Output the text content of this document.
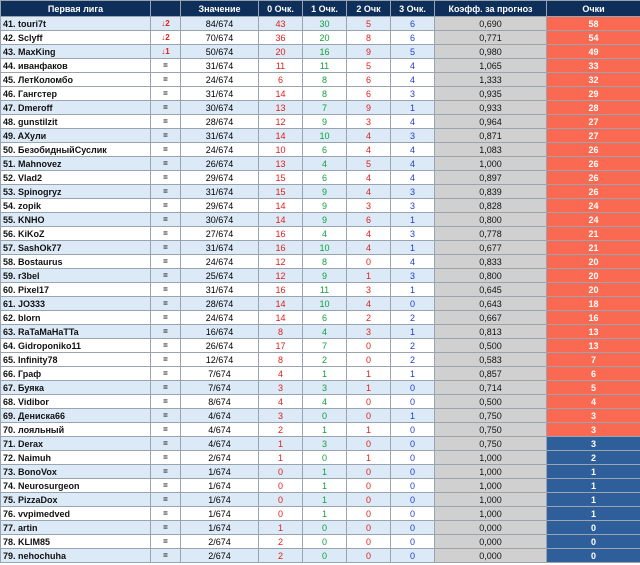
Первая лига		Значение	0 Очк.	1 Очк.	2 Очк	3 Очк.	Коэфф. за прогноз	Очки
41. touri7t	↓2	84/674	43	30	5	6	0,690	58
42. Sclyff	↓2	70/674	36	20	8	6	0,771	54
43. MaxKing	↓1	50/674	20	16	9	5	0,980	49
44. иванфаков	=	31/674	11	11	5	4	1,065	33
45. ЛетКоломбо	=	24/674	6	8	6	4	1,333	32
46. Гангстер	=	31/674	14	8	6	3	0,935	29
47. Dmeroff	=	30/674	13	7	9	1	0,933	28
48. gunstilzit	=	28/674	12	9	3	4	0,964	27
49. AХули	=	31/674	14	10	4	3	0,871	27
50. БезобидныйСуслик	=	24/674	10	6	4	4	1,083	26
51. Mahnovez	=	26/674	13	4	5	4	1,000	26
52. Vlad2	=	29/674	15	6	4	4	0,897	26
53. Spinogryz	=	31/674	15	9	4	3	0,839	26
54. zopik	=	29/674	14	9	3	3	0,828	24
55. KNHO	=	30/674	14	9	6	1	0,800	24
56. KiKoZ	=	27/674	16	4	4	3	0,778	21
57. SashOk77	=	31/674	16	10	4	1	0,677	21
58. Bostaurus	=	24/674	12	8	0	4	0,833	20
59. r3bel	=	25/674	12	9	1	3	0,800	20
60. Pixel17	=	31/674	16	11	3	1	0,645	20
61. JO333	=	28/674	14	10	4	0	0,643	18
62. blorn	=	24/674	14	6	2	2	0,667	16
63. RaTaMaHaTTa	=	16/674	8	4	3	1	0,813	13
64. Gidroponiko11	=	26/674	17	7	0	2	0,500	13
65. Infinity78	=	12/674	8	2	0	2	0,583	7
66. Граф	=	7/674	4	1	1	1	0,857	6
67. Буяка	=	7/674	3	3	1	0	0,714	5
68. Vidibor	=	8/674	4	4	0	0	0,500	4
69. Дениска66	=	4/674	3	0	0	1	0,750	3
70. лояльный	=	4/674	2	1	1	0	0,750	3
71. Derax	=	4/674	1	3	0	0	0,750	3
72. Naimuh	=	2/674	1	0	1	0	1,000	2
73. BonoVox	=	1/674	0	1	0	0	1,000	1
74. Neurosurgeon	=	1/674	0	1	0	0	1,000	1
75. PizzaDox	=	1/674	0	1	0	0	1,000	1
76. vvpimedved	=	1/674	0	1	0	0	1,000	1
77. artin	=	1/674	1	0	0	0	0,000	0
78. KLIM85	=	2/674	2	0	0	0	0,000	0
79. nehochuha	=	2/674	2	0	0	0	0,000	0
